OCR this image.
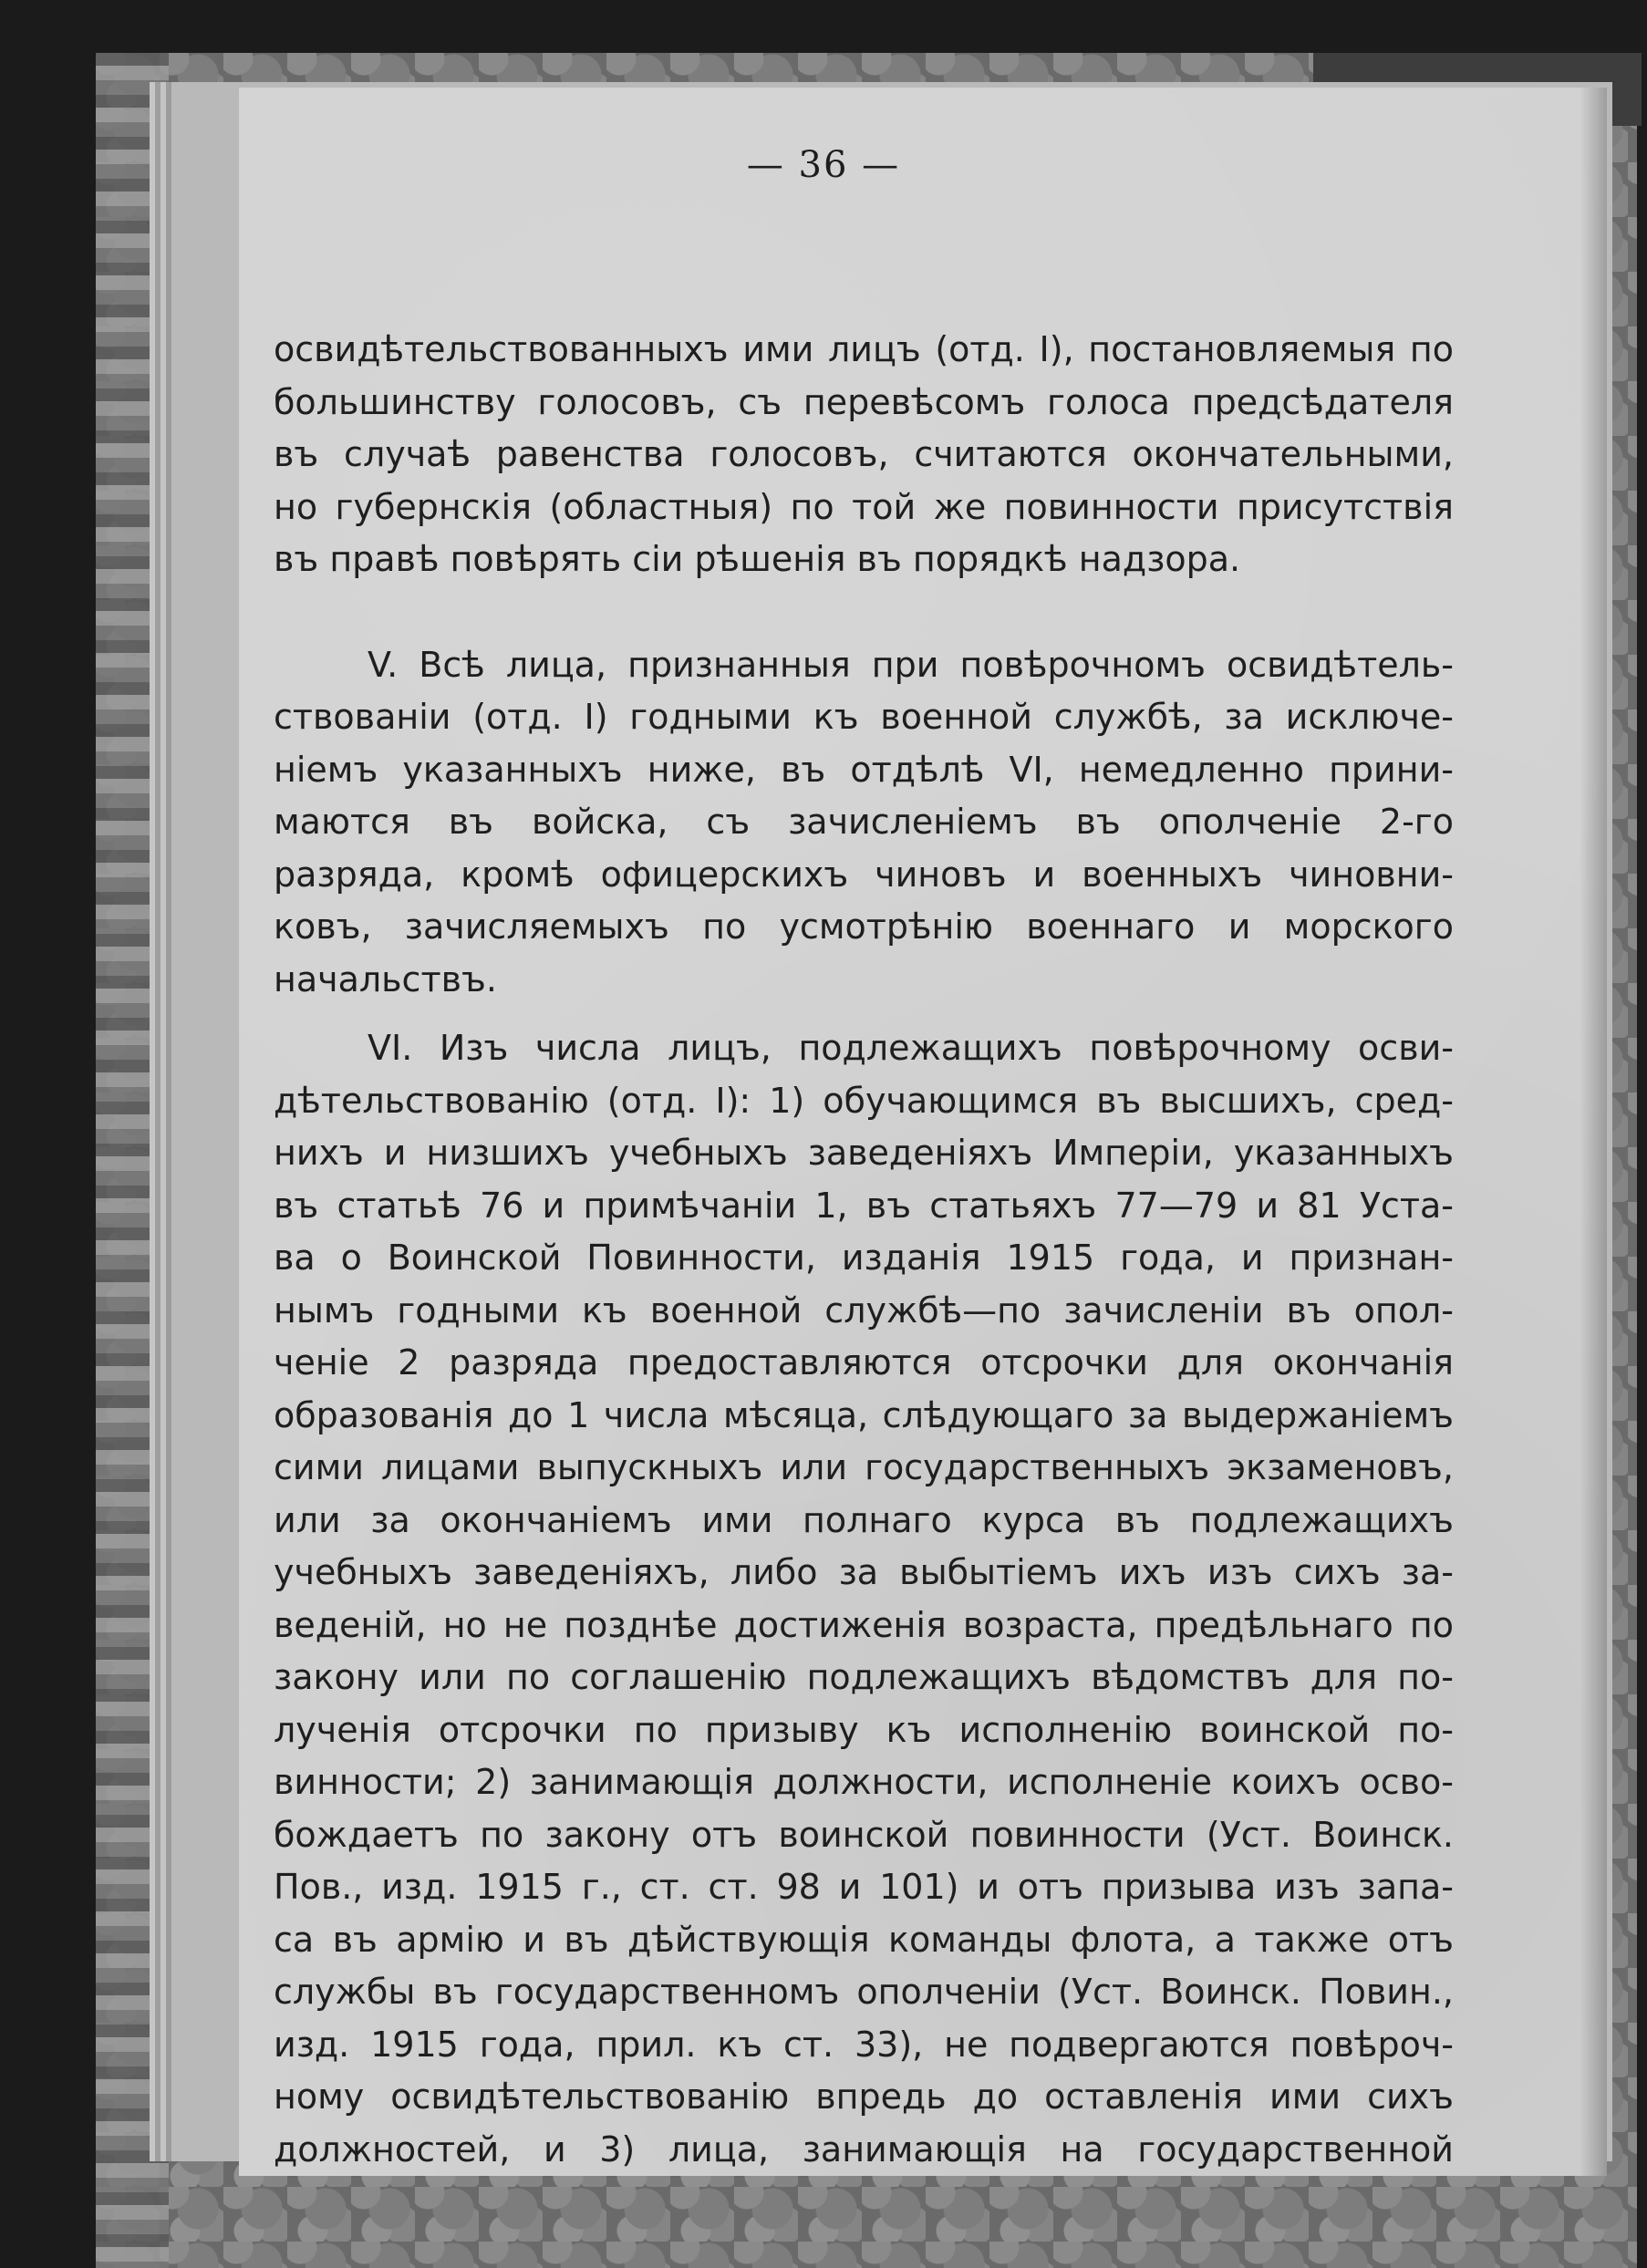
— 36 —
освидѣтельствованныхъ ими лицъ (отд. I), постановляемыя по
большинству голосовъ, съ перевѣсомъ голоса предсѣдателя
въ случаѣ равенства голосовъ, считаются окончательными,
но губернскія (областныя) по той же повинности присутствія
въ правѣ повѣрять сіи рѣшенія въ порядкѣ надзора.
V. Всѣ лица, признанныя при повѣрочномъ освидѣтель-
ствованіи (отд. I) годными къ военной службѣ, за исключе-
ніемъ указанныхъ ниже, въ отдѣлѣ VI, немедленно прини-
маются въ войска, съ зачисленіемъ въ ополченіе 2-го
разряда, кромѣ офицерскихъ чиновъ и военныхъ чиновни-
ковъ, зачисляемыхъ по усмотрѣнію военнаго и морского
начальствъ.
VI. Изъ числа лицъ, подлежащихъ повѣрочному осви-
дѣтельствованію (отд. I): 1) обучающимся въ высшихъ, сред-
нихъ и низшихъ учебныхъ заведеніяхъ Имперіи, указанныхъ
въ статьѣ 76 и примѣчаніи 1, въ статьяхъ 77—79 и 81 Уста-
ва о Воинской Повинности, изданія 1915 года, и признан-
нымъ годными къ военной службѣ—по зачисленіи въ опол-
ченіе 2 разряда предоставляются отсрочки для окончанія
образованія до 1 числа мѣсяца, слѣдующаго за выдержаніемъ
сими лицами выпускныхъ или государственныхъ экзаменовъ,
или за окончаніемъ ими полнаго курса въ подлежащихъ
учебныхъ заведеніяхъ, либо за выбытіемъ ихъ изъ сихъ за-
веденій, но не позднѣе достиженія возраста, предѣльнаго по
закону или по соглашенію подлежащихъ вѣдомствъ для по-
лученія отсрочки по призыву къ исполненію воинской по-
винности; 2) занимающія должности, исполненіе коихъ осво-
бождаетъ по закону отъ воинской повинности (Уст. Воинск.
Пов., изд. 1915 г., ст. ст. 98 и 101) и отъ призыва изъ запа-
са въ армію и въ дѣйствующія команды флота, а также отъ
службы въ государственномъ ополченіи (Уст. Воинск. Повин.,
изд. 1915 года, прил. къ ст. 33), не подвергаются повѣроч-
ному освидѣтельствованію впредь до оставленія ими сихъ
должностей, и 3) лица, занимающія на государственной
